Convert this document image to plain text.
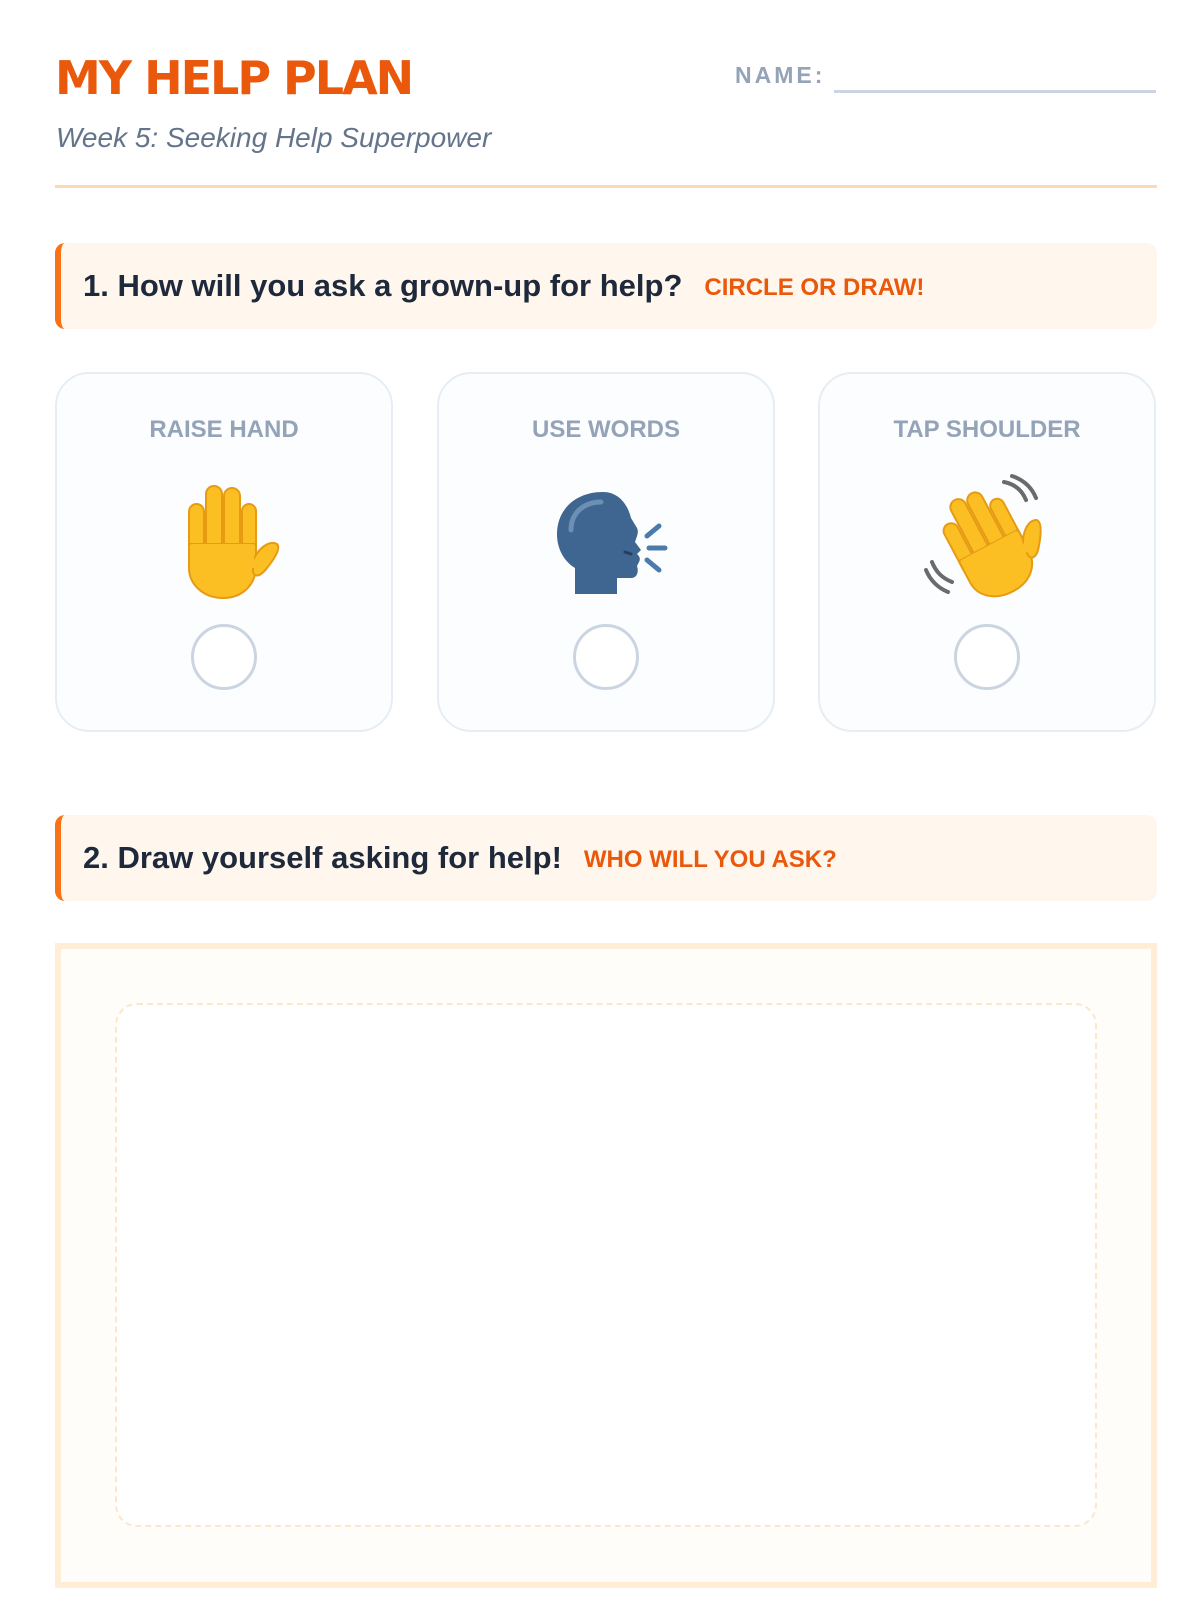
MY HELP PLAN
Week 5: Seeking Help Superpower
NAME:
1. How will you ask a grown-up for help? CIRCLE OR DRAW!
RAISE HAND	USE WORDS	TAP SHOULDER
2. Draw yourself asking for help! WHO WILL YOU ASK?
